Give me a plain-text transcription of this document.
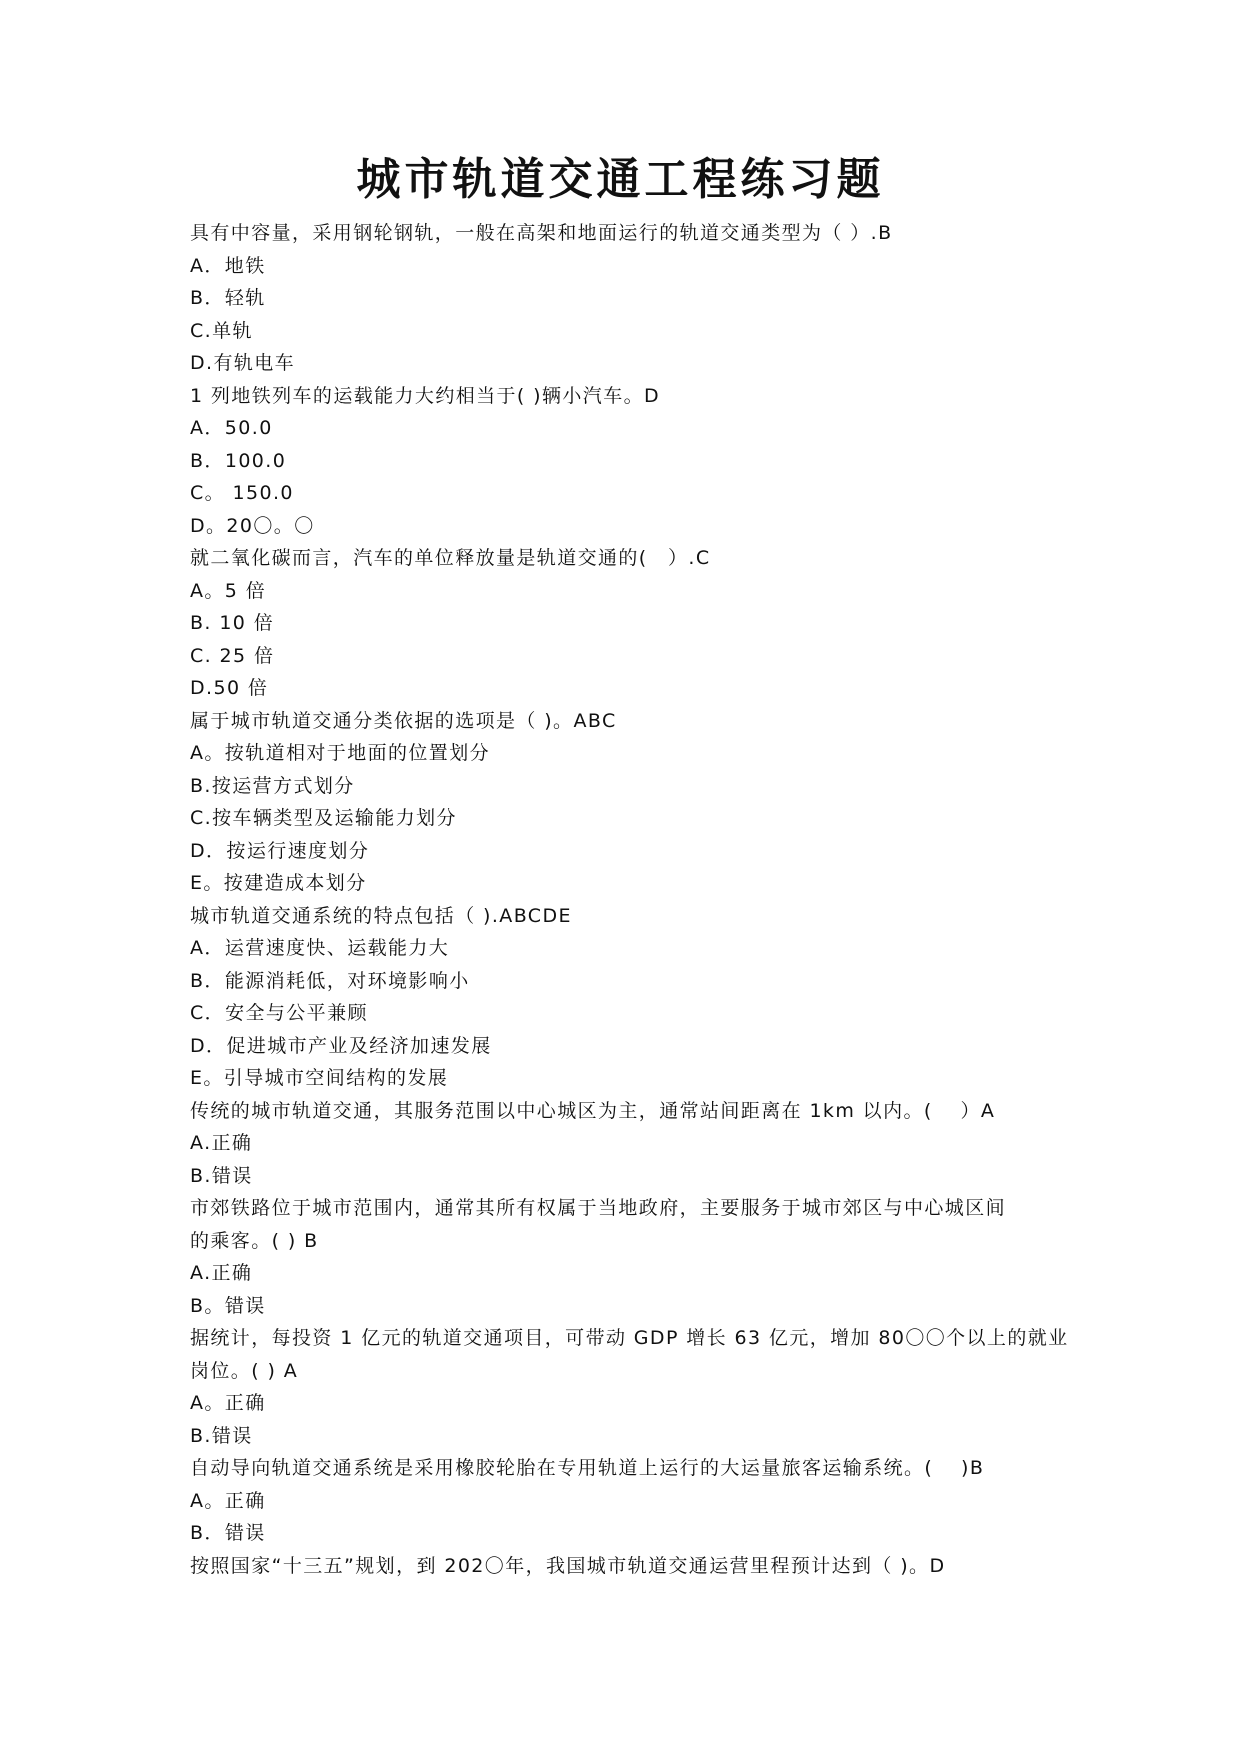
城市轨道交通工程练习题
具有中容量，采用钢轮钢轨，一般在高架和地面运行的轨道交通类型为（ ）.B
A．地铁
B．轻轨
C.单轨
D.有轨电车
1 列地铁列车的运载能力大约相当于( )辆小汽车。D
A．50.0
B．100.0
C。 150.0
D。20〇。〇
就二氧化碳而言，汽车的单位释放量是轨道交通的(　）.C
A。5 倍
B. 10 倍
C. 25 倍
D.50 倍
属于城市轨道交通分类依据的选项是（ )。ABC
A。按轨道相对于地面的位置划分
B.按运营方式划分
C.按车辆类型及运输能力划分
D．按运行速度划分
E。按建造成本划分
城市轨道交通系统的特点包括（ ).ABCDE
A．运营速度快、运载能力大
B．能源消耗低，对环境影响小
C．安全与公平兼顾
D．促进城市产业及经济加速发展
E。引导城市空间结构的发展
传统的城市轨道交通，其服务范围以中心城区为主，通常站间距离在 1km 以内。(　 ）A
A.正确
B.错误
市郊铁路位于城市范围内，通常其所有权属于当地政府，主要服务于城市郊区与中心城区间
的乘客。( ) B
A.正确
B。错误
据统计，每投资 1 亿元的轨道交通项目，可带动 GDP 增长 63 亿元，增加 80〇〇个以上的就业
岗位。( ) A
A。正确
B.错误
自动导向轨道交通系统是采用橡胶轮胎在专用轨道上运行的大运量旅客运输系统。(　 )B
A。正确
B．错误
按照国家“十三五”规划，到 202〇年，我国城市轨道交通运营里程预计达到（ )。D
